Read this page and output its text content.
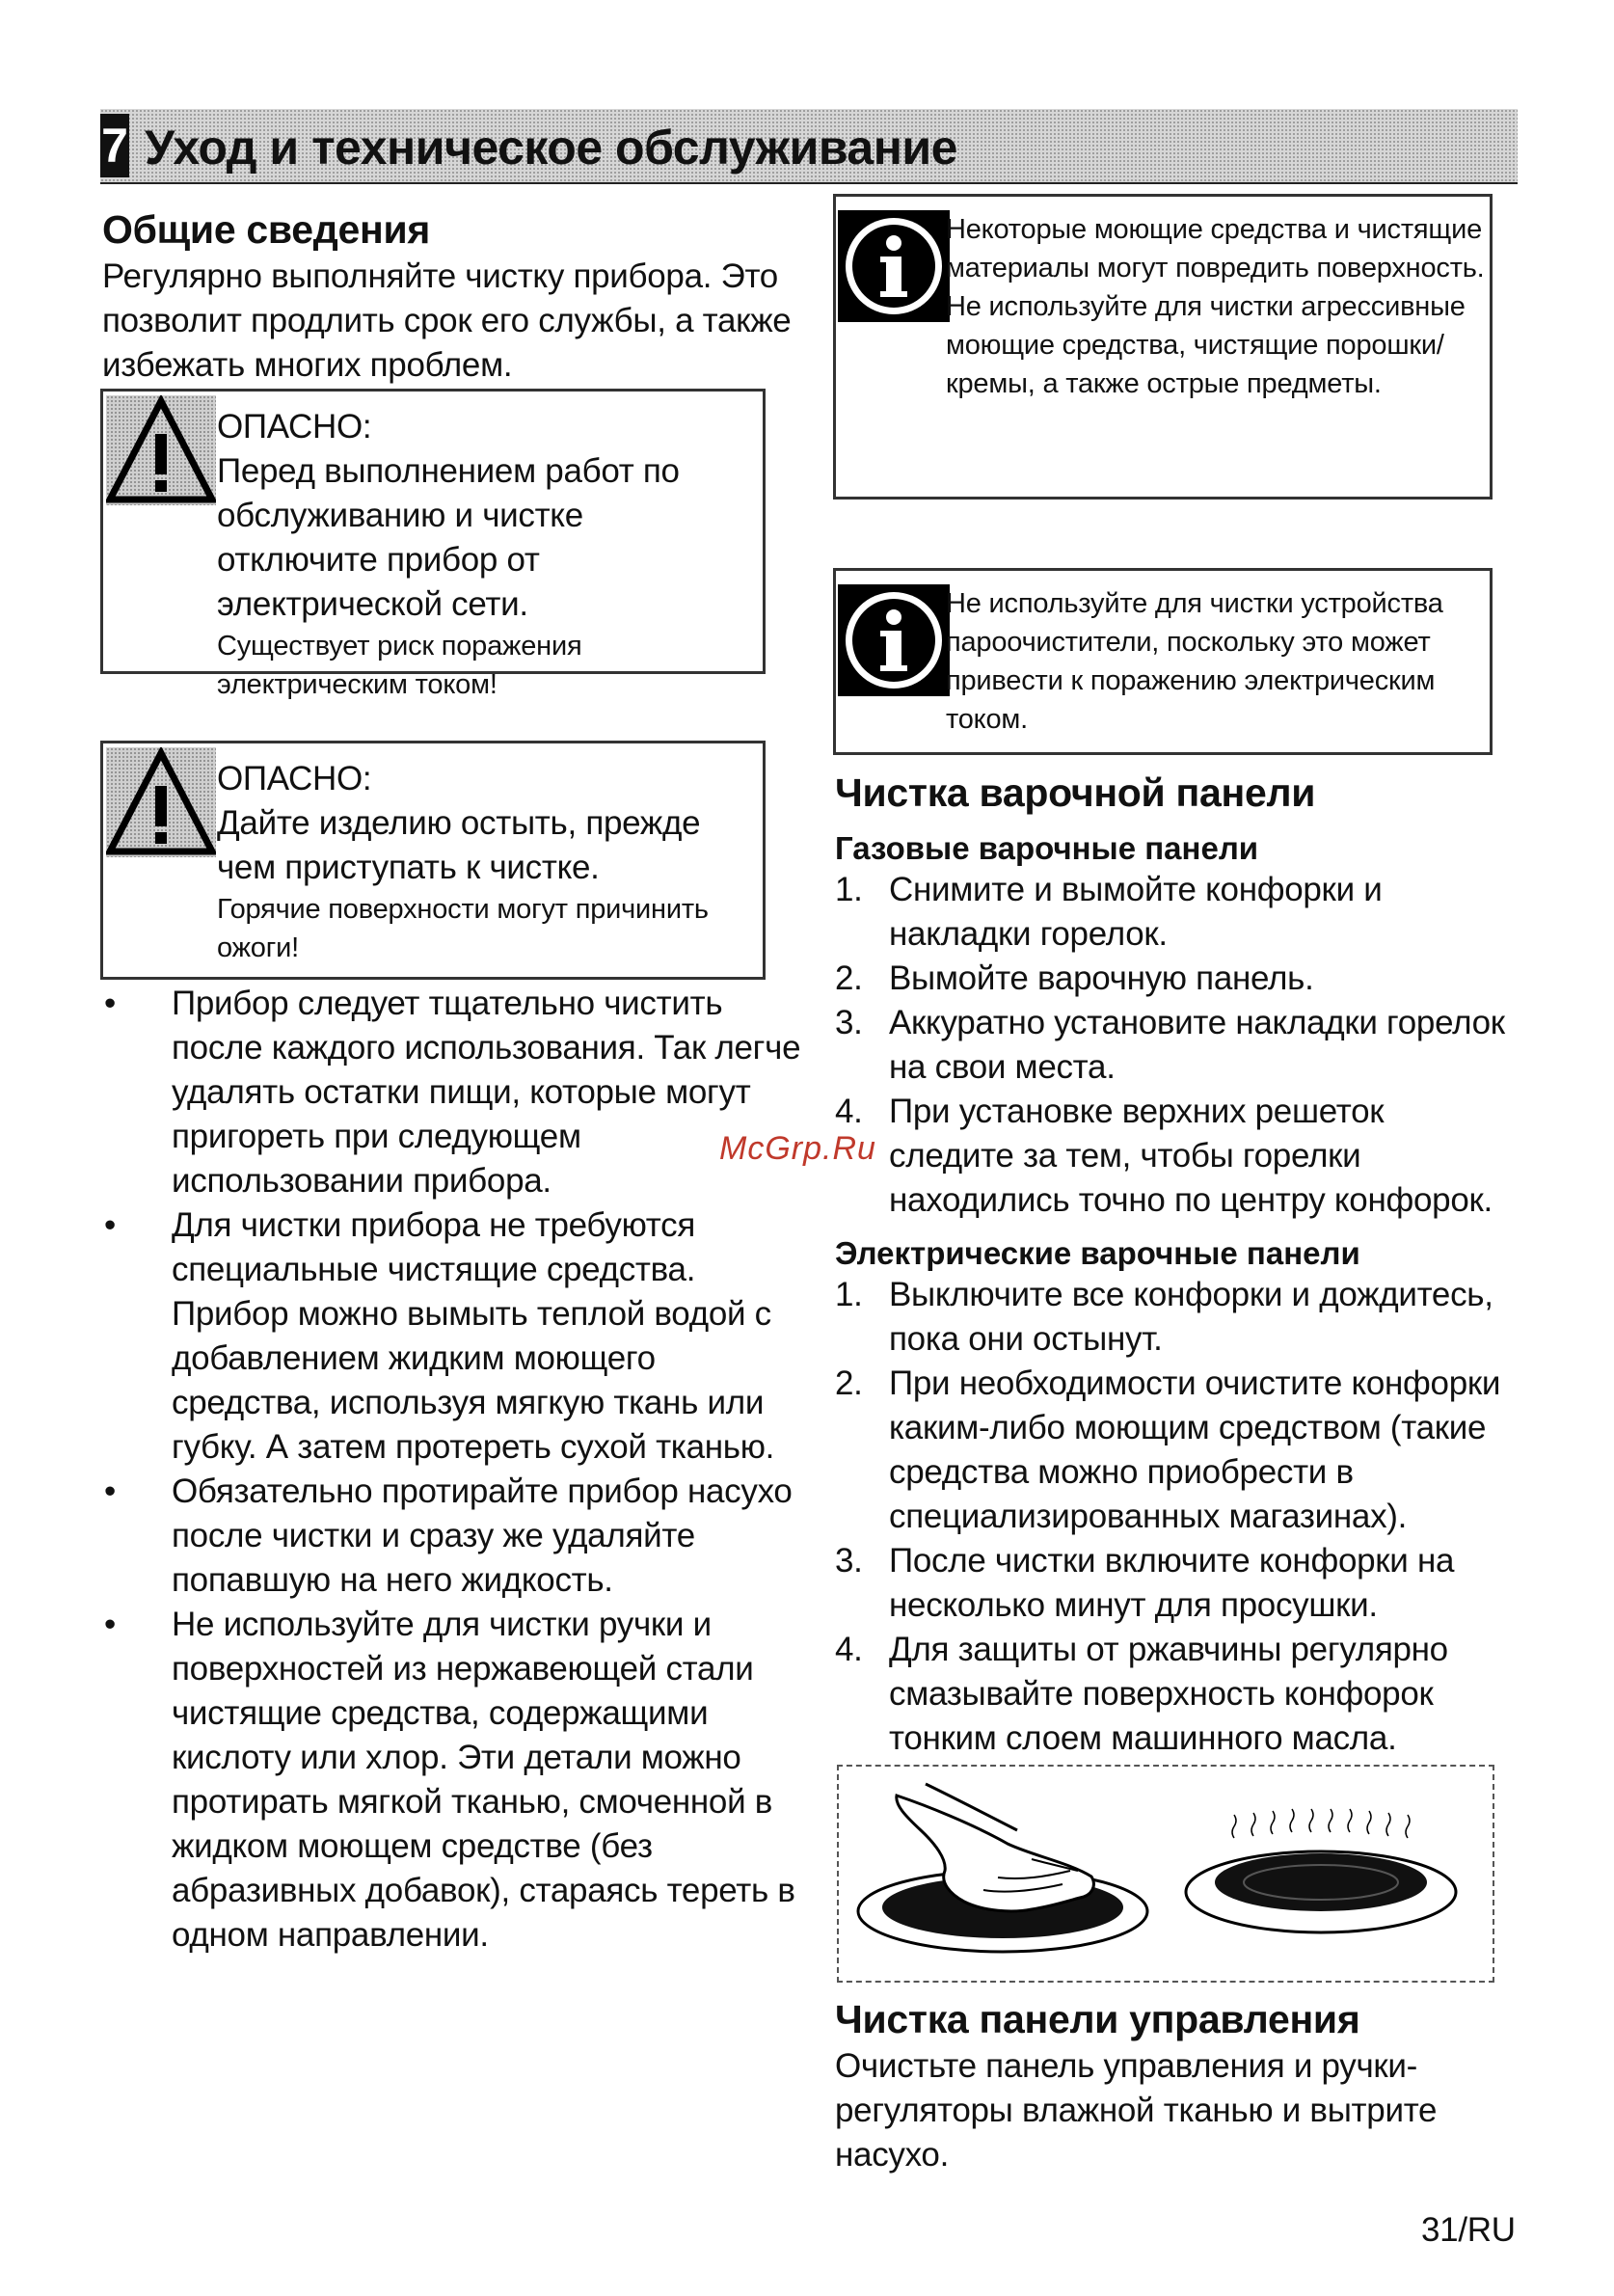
7 Уход и техническое обслуживание
Общие сведения
Регулярно выполняйте чистку прибора. Это позволит продлить срок его службы, а также избежать многих проблем.
ОПАСНО:
Перед выполнением работ по обслуживанию и чистке отключите прибор от электрической сети.
Существует риск поражения электрическим током!
ОПАСНО:
Дайте изделию остыть, прежде чем приступать к чистке.
Горячие поверхности могут причинить ожоги!
• Прибор следует тщательно чистить после каждого использования. Так легче удалять остатки пищи, которые могут пригореть при следующем использовании прибора.
• Для чистки прибора не требуются специальные чистящие средства. Прибор можно вымыть теплой водой с добавлением жидким моющего средства, используя мягкую ткань или губку. А затем протереть сухой тканью.
• Обязательно протирайте прибор насухо после чистки и сразу же удаляйте попавшую на него жидкость.
• Не используйте для чистки ручки и поверхностей из нержавеющей стали чистящие средства, содержащими кислоту или хлор. Эти детали можно протирать мягкой тканью, смоченной в жидком моющем средстве (без абразивных добавок), стараясь тереть в одном направлении.
Некоторые моющие средства и чистящие материалы могут повредить поверхность.
Не используйте для чистки агрессивные моющие средства, чистящие порошки/кремы, а также острые предметы.
Не используйте для чистки устройства пароочистители, поскольку это может привести к поражению электрическим током.
Чистка варочной панели
Газовые варочные панели
1. Снимите и вымойте конфорки и накладки горелок.
2. Вымойте варочную панель.
3. Аккуратно установите накладки горелок на свои места.
4. При установке верхних решеток следите за тем, чтобы горелки находились точно по центру конфорок.
Электрические варочные панели
1. Выключите все конфорки и дождитесь, пока они остынут.
2. При необходимости очистите конфорки каким-либо моющим средством (такие средства можно приобрести в специализированных магазинах).
3. После чистки включите конфорки на несколько минут для просушки.
4. Для защиты от ржавчины регулярно смазывайте поверхность конфорок тонким слоем машинного масла.
Чистка панели управления
Очистьте панель управления и ручки-регуляторы влажной тканью и вытрите насухо.
McGrp.Ru
31/RU
